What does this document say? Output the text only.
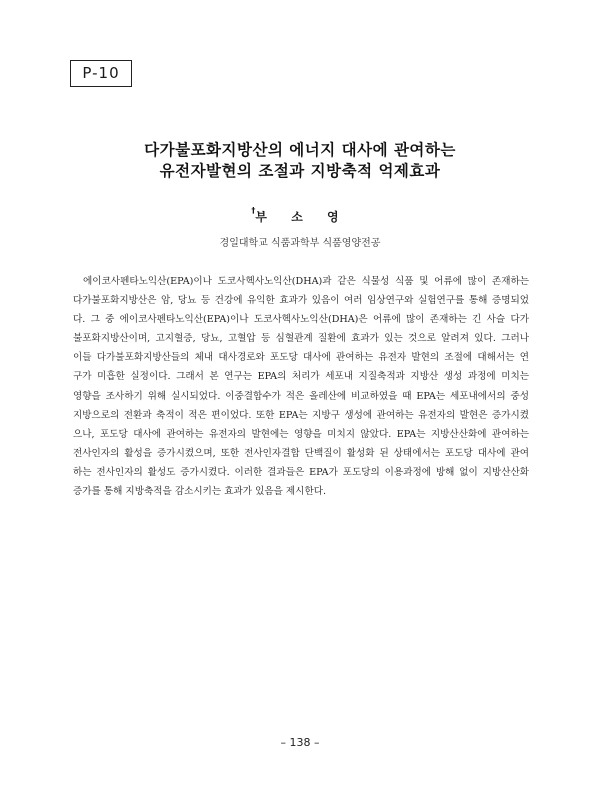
P-10
다가불포화지방산의 에너지 대사에 관여하는
유전자발현의 조절과 지방축적 억제효과
†부 소 영
경일대학교 식품과학부 식품영양전공
에이코사펜타노익산(EPA)이나 도코사헥사노익산(DHA)과 같은 식물성 식품 및 어류에 많이 존재하는
다가불포화지방산은 암, 당뇨 등 건강에 유익한 효과가 있음이 여러 임상연구와 실험연구를 통해 증명되었
다. 그 중 에이코사펜타노익산(EPA)이나 도코사헥사노익산(DHA)은 어류에 많이 존재하는 긴 사슬 다가
불포화지방산이며, 고지혈증, 당뇨, 고혈압 등 심혈관계 질환에 효과가 있는 것으로 알려져 있다. 그러나
이들 다가불포화지방산들의 체내 대사경로와 포도당 대사에 관여하는 유전자 발현의 조절에 대해서는 연
구가 미흡한 실정이다. 그래서 본 연구는 EPA의 처리가 세포내 지질축적과 지방산 생성 과정에 미치는
영향을 조사하기 위해 실시되었다. 이중결합수가 적은 올레산에 비교하였을 때 EPA는 세포내에서의 중성
지방으로의 전환과 축적이 적은 편이었다. 또한 EPA는 지방구 생성에 관여하는 유전자의 발현은 증가시켰
으나, 포도당 대사에 관여하는 유전자의 발현에는 영향을 미치지 않았다. EPA는 지방산산화에 관여하는
전사인자의 활성을 증가시켰으며, 또한 전사인자결합 단백질이 활성화 된 상태에서는 포도당 대사에 관여
하는 전사인자의 활성도 증가시켰다. 이러한 결과들은 EPA가 포도당의 이용과정에 방해 없이 지방산산화
증가를 통해 지방축적을 감소시키는 효과가 있음을 제시한다.
– 138 –
